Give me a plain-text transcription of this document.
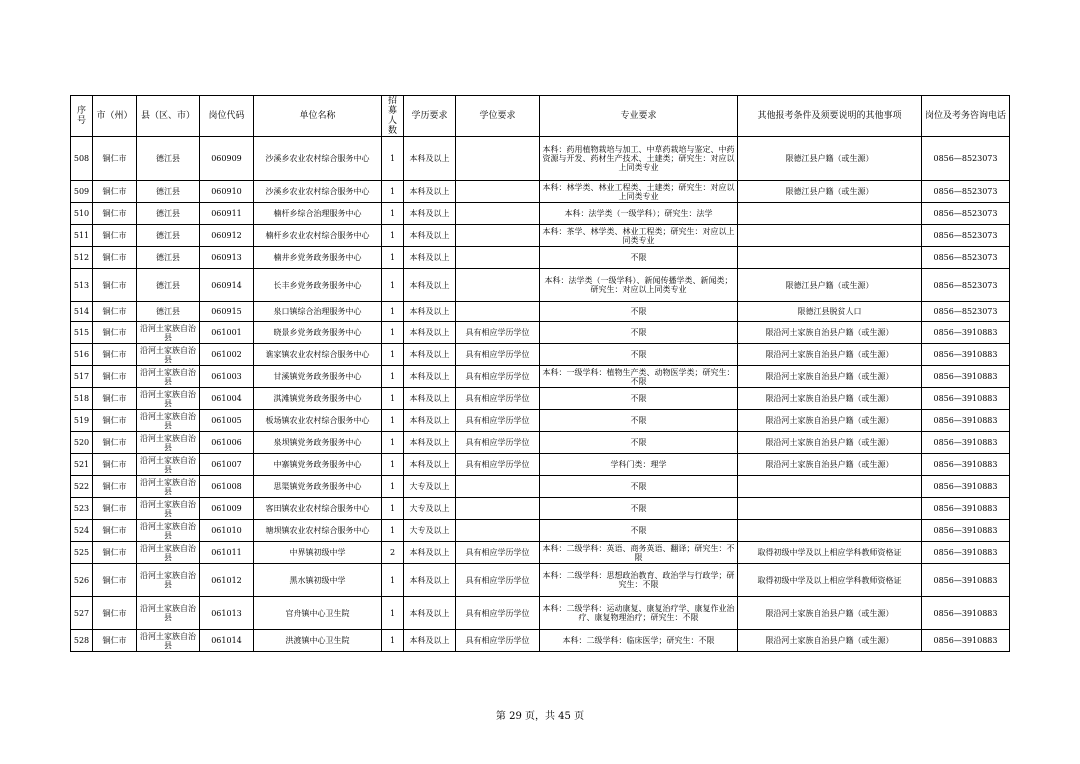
序号	市（州）	县（区、市）	岗位代码	单位名称	招募人数	学历要求	学位要求	专业要求	其他报考条件及须要说明的其他事项	岗位及考务咨询电话
508	铜仁市	德江县	060909	沙溪乡农业农村综合服务中心	1	本科及以上		本科：药用植物栽培与加工、中草药栽培与鉴定、中药资源与开发、药材生产技术、土建类；研究生：对应以上同类专业	限德江县户籍（或生源）	0856—8523073
509	铜仁市	德江县	060910	沙溪乡农业农村综合服务中心	1	本科及以上		本科：林学类、林业工程类、土建类；研究生：对应以上同类专业	限德江县户籍（或生源）	0856—8523073
510	铜仁市	德江县	060911	楠杆乡综合治理服务中心	1	本科及以上		本科：法学类（一级学科）；研究生：法学		0856—8523073
511	铜仁市	德江县	060912	楠杆乡农业农村综合服务中心	1	本科及以上		本科：茶学、林学类、林业工程类；研究生：对应以上同类专业		0856—8523073
512	铜仁市	德江县	060913	楠井乡党务政务服务中心	1	本科及以上		不限		0856—8523073
513	铜仁市	德江县	060914	长丰乡党务政务服务中心	1	本科及以上		本科：法学类（一级学科）、新闻传播学类、新闻类；研究生：对应以上同类专业	限德江县户籍（或生源）	0856—8523073
514	铜仁市	德江县	060915	泉口镇综合治理服务中心	1	本科及以上		不限	限德江县脱贫人口	0856—8523073
515	铜仁市	沿河土家族自治县	061001	晓景乡党务政务服务中心	1	本科及以上	具有相应学历学位	不限	限沿河土家族自治县户籍（或生源）	0856—3910883
516	铜仁市	沿河土家族自治县	061002	谯家镇农业农村综合服务中心	1	本科及以上	具有相应学历学位	不限	限沿河土家族自治县户籍（或生源）	0856—3910883
517	铜仁市	沿河土家族自治县	061003	甘溪镇党务政务服务中心	1	本科及以上	具有相应学历学位	本科：一级学科：植物生产类、动物医学类；研究生：不限	限沿河土家族自治县户籍（或生源）	0856—3910883
518	铜仁市	沿河土家族自治县	061004	淇滩镇党务政务服务中心	1	本科及以上	具有相应学历学位	不限	限沿河土家族自治县户籍（或生源）	0856—3910883
519	铜仁市	沿河土家族自治县	061005	板场镇农业农村综合服务中心	1	本科及以上	具有相应学历学位	不限	限沿河土家族自治县户籍（或生源）	0856—3910883
520	铜仁市	沿河土家族自治县	061006	泉坝镇党务政务服务中心	1	本科及以上	具有相应学历学位	不限	限沿河土家族自治县户籍（或生源）	0856—3910883
521	铜仁市	沿河土家族自治县	061007	中寨镇党务政务服务中心	1	本科及以上	具有相应学历学位	学科门类：理学	限沿河土家族自治县户籍（或生源）	0856—3910883
522	铜仁市	沿河土家族自治县	061008	思渠镇党务政务服务中心	1	大专及以上		不限		0856—3910883
523	铜仁市	沿河土家族自治县	061009	客田镇农业农村综合服务中心	1	大专及以上		不限		0856—3910883
524	铜仁市	沿河土家族自治县	061010	塘坝镇农业农村综合服务中心	1	大专及以上		不限		0856—3910883
525	铜仁市	沿河土家族自治县	061011	中界镇初级中学	2	本科及以上	具有相应学历学位	本科：二级学科：英语、商务英语、翻译；研究生：不限	取得初级中学及以上相应学科教师资格证	0856—3910883
526	铜仁市	沿河土家族自治县	061012	黑水镇初级中学	1	本科及以上	具有相应学历学位	本科：二级学科：思想政治教育、政治学与行政学；研究生：不限	取得初级中学及以上相应学科教师资格证	0856—3910883
527	铜仁市	沿河土家族自治县	061013	官舟镇中心卫生院	1	本科及以上	具有相应学历学位	本科：二级学科：运动康复、康复治疗学、康复作业治疗、康复物理治疗；研究生：不限	限沿河土家族自治县户籍（或生源）	0856—3910883
528	铜仁市	沿河土家族自治县	061014	洪渡镇中心卫生院	1	本科及以上	具有相应学历学位	本科：二级学科：临床医学；研究生：不限	限沿河土家族自治县户籍（或生源）	0856—3910883
第 29 页，共 45 页
